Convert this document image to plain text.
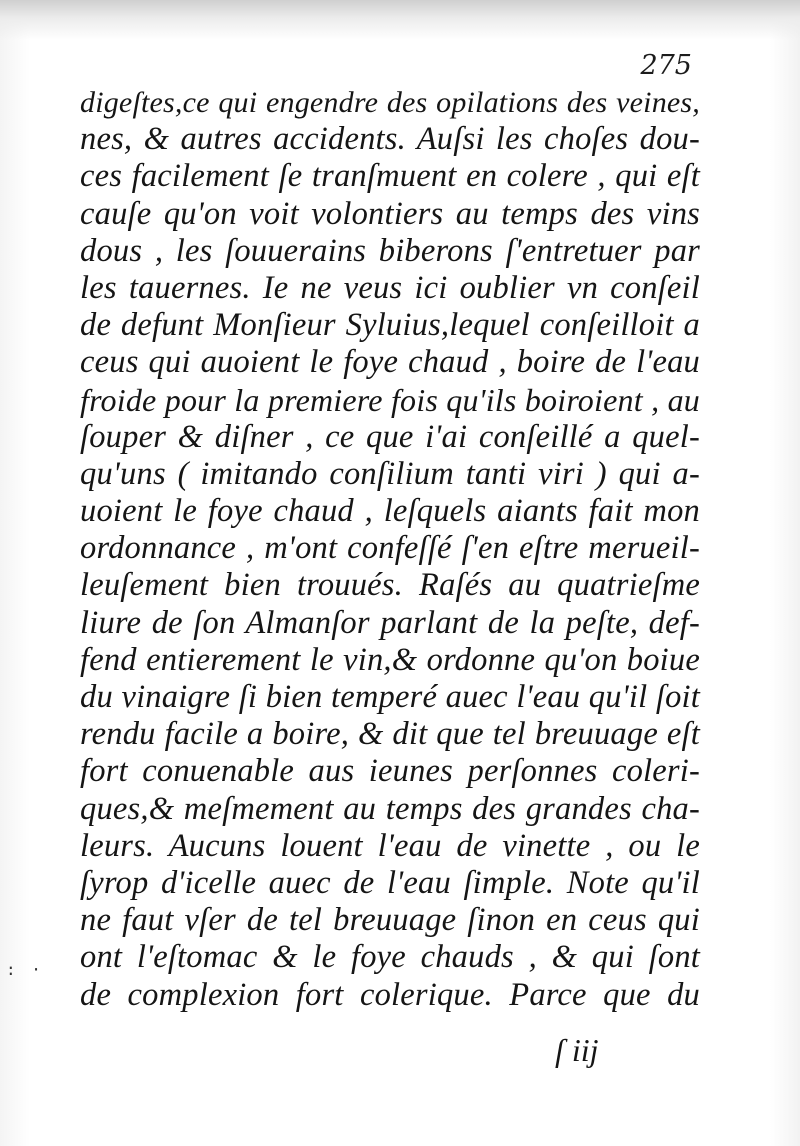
275
digeſtes,ce qui engendre des opilations des veines,
nes, & autres accidents. Auſsi les choſes dou-
ces facilement ſe tranſmuent en colere , qui eſt
cauſe qu'on voit volontiers au temps des vins
dous , les ſouuerains biberons ſ'entretuer par
les tauernes. Ie ne veus ici oublier vn conſeil
de defunt Monſieur Syluius,lequel conſeilloit a
ceus qui auoient le foye chaud , boire de l'eau
froide pour la premiere fois qu'ils boiroient , au
ſouper & diſner , ce que i'ai conſeillé a quel-
qu'uns ( imitando conſilium tanti viri ) qui a-
uoient le foye chaud , leſquels aiants fait mon
ordonnance , m'ont confeſſé ſ'en eſtre merueil-
leuſement bien trouués. Raſés au quatrieſme
liure de ſon Almanſor parlant de la peſte, def-
fend entierement le vin,& ordonne qu'on boiue
du vinaigre ſi bien temperé auec l'eau qu'il ſoit
rendu facile a boire, & dit que tel breuuage eſt
fort conuenable aus ieunes perſonnes coleri-
ques,& meſmement au temps des grandes cha-
leurs. Aucuns louent l'eau de vinette , ou le
ſyrop d'icelle auec de l'eau ſimple. Note qu'il
ne faut vſer de tel breuuage ſinon en ceus qui
ont l'eſtomac & le foye chauds , & qui ſont
de complexion fort colerique. Parce que du
ſ iij
: ·
